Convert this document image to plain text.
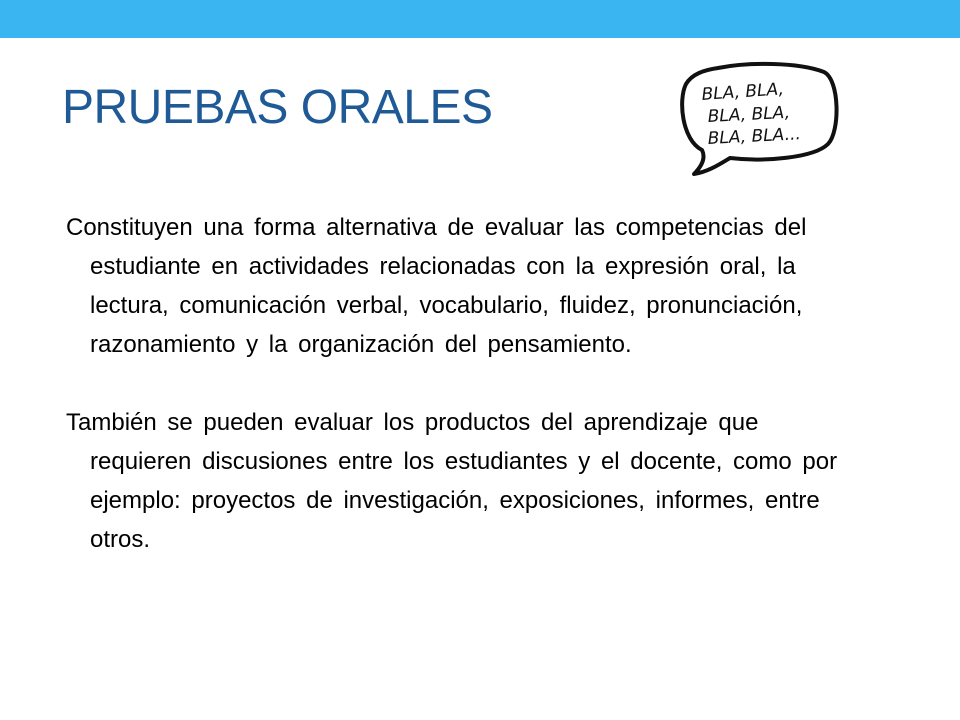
PRUEBAS ORALES	BLA, BLA,
BLA, BLA,
BLA, BLA...

Constituyen una forma alternativa de evaluar las competencias del estudiante en actividades relacionadas con la expresión oral, la lectura, comunicación verbal, vocabulario, fluidez, pronunciación, razonamiento y la organización del pensamiento.

También se pueden evaluar los productos del aprendizaje que requieren discusiones entre los estudiantes y el docente, como por ejemplo: proyectos de investigación, exposiciones, informes, entre otros.
